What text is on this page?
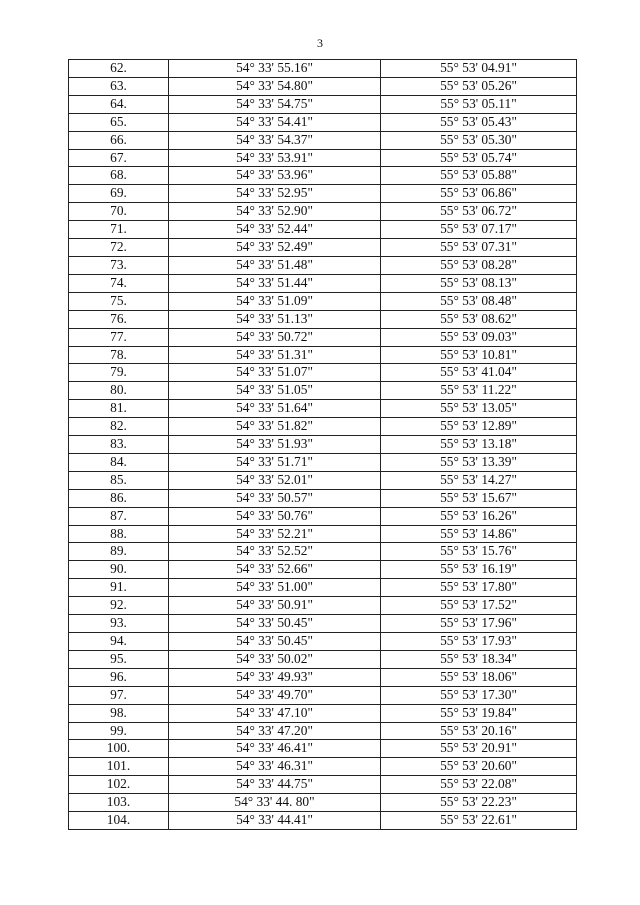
3
62.	54° 33' 55.16"	55° 53' 04.91"
63.	54° 33' 54.80"	55° 53' 05.26"
64.	54° 33' 54.75"	55° 53' 05.11"
65.	54° 33' 54.41"	55° 53' 05.43"
66.	54° 33' 54.37"	55° 53' 05.30"
67.	54° 33' 53.91"	55° 53' 05.74"
68.	54° 33' 53.96"	55° 53' 05.88"
69.	54° 33' 52.95"	55° 53' 06.86"
70.	54° 33' 52.90"	55° 53' 06.72"
71.	54° 33' 52.44"	55° 53' 07.17"
72.	54° 33' 52.49"	55° 53' 07.31"
73.	54° 33' 51.48"	55° 53' 08.28"
74.	54° 33' 51.44"	55° 53' 08.13"
75.	54° 33' 51.09"	55° 53' 08.48"
76.	54° 33' 51.13"	55° 53' 08.62"
77.	54° 33' 50.72"	55° 53' 09.03"
78.	54° 33' 51.31"	55° 53' 10.81"
79.	54° 33' 51.07"	55° 53' 41.04"
80.	54° 33' 51.05"	55° 53' 11.22"
81.	54° 33' 51.64"	55° 53' 13.05"
82.	54° 33' 51.82"	55° 53' 12.89"
83.	54° 33' 51.93"	55° 53' 13.18"
84.	54° 33' 51.71"	55° 53' 13.39"
85.	54° 33' 52.01"	55° 53' 14.27"
86.	54° 33' 50.57"	55° 53' 15.67"
87.	54° 33' 50.76"	55° 53' 16.26"
88.	54° 33' 52.21"	55° 53' 14.86"
89.	54° 33' 52.52"	55° 53' 15.76"
90.	54° 33' 52.66"	55° 53' 16.19"
91.	54° 33' 51.00"	55° 53' 17.80"
92.	54° 33' 50.91"	55° 53' 17.52"
93.	54° 33' 50.45"	55° 53' 17.96"
94.	54° 33' 50.45"	55° 53' 17.93"
95.	54° 33' 50.02"	55° 53' 18.34"
96.	54° 33' 49.93"	55° 53' 18.06"
97.	54° 33' 49.70"	55° 53' 17.30"
98.	54° 33' 47.10"	55° 53' 19.84"
99.	54° 33' 47.20"	55° 53' 20.16"
100.	54° 33' 46.41"	55° 53' 20.91"
101.	54° 33' 46.31"	55° 53' 20.60"
102.	54° 33' 44.75"	55° 53' 22.08"
103.	54° 33' 44. 80"	55° 53' 22.23"
104.	54° 33' 44.41"	55° 53' 22.61"
